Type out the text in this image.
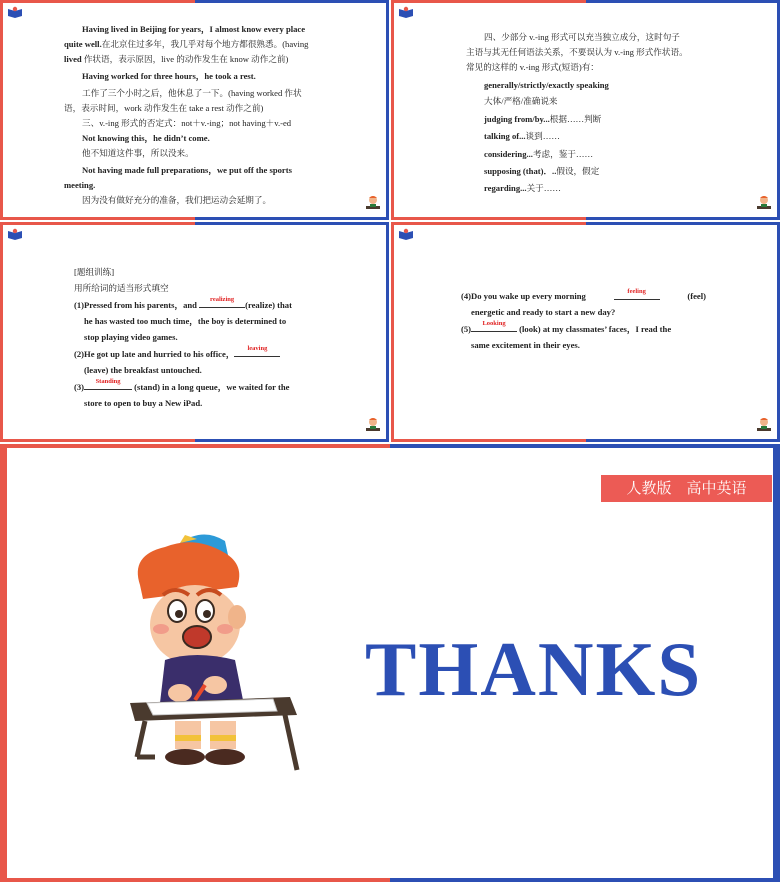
Having lived in Beijing for years，I almost know every place

quite well.在北京住过多年，我几乎对每个地方都很熟悉。(having

lived 作状语，表示原因，live 的动作发生在 know 动作之前)

Having worked for three hours，he took a rest.

工作了三个小时之后，他休息了一下。(having worked 作状

语，表示时间，work 动作发生在 take a rest 动作之前)

三、v.-ing 形式的否定式：not＋v.-ing；not having＋v.-ed

Not knowing this，he didn’t come.

他不知道这件事，所以没来。

Not having made full preparations，we put off the sports

meeting.

因为没有做好充分的准备，我们把运动会延期了。

四、少部分 v.-ing 形式可以充当独立成分，这时句子

主语与其无任何语法关系，不要误认为 v.-ing 形式作状语。

常见的这样的 v.-ing 形式(短语)有：

generally/strictly/exactly speaking

大体/严格/准确说来

judging from/by...根据……判断

talking of...谈到……

considering...考虑，鉴于……

supposing (that)．..假设，假定

regarding...关于……

[题组训练]

用所给词的适当形式填空

(1)Pressed from his parents，and
realizing
(realize) that

he has wasted too much time，the boy is determined to

stop playing video games.

(2)He got up late and hurried to his office，
leaving

(leave) the breakfast untouched.

(3)
Standing
(stand) in a long queue，we waited for the

store to open to buy a New iPad.

(4)Do you wake up every morning	feeling	(feel)

energetic and ready to start a new day?

(5)
Looking
(look) at my classmates’ faces，I read the

same excitement in their eyes.

人教版　高中英语
THANKS
